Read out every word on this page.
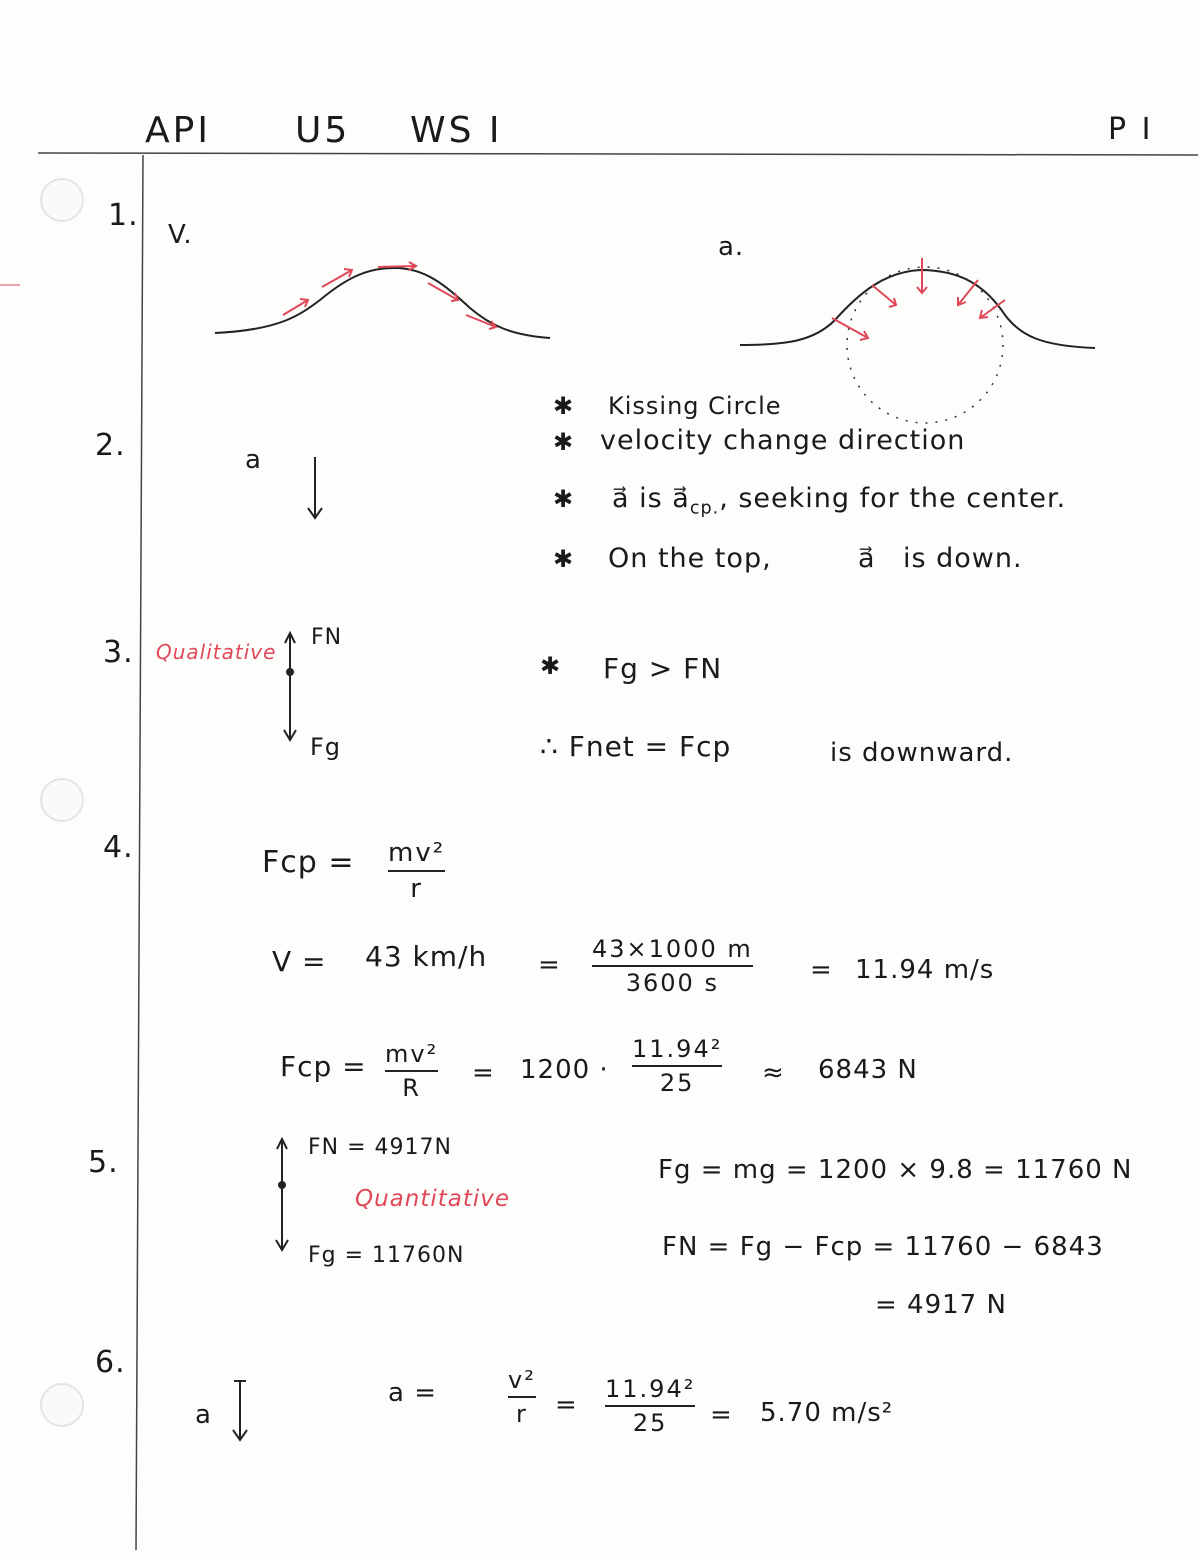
API U5 WS I	P I
1.
V.	a.
✱ Kissing Circle
✱ velocity change direction
✱ a⃗ is $a⃗_{cp.}$, seeking for the center.
✱ On the top,	a⃗ is down.
2.	a
3. Qualitative
FN
Fg
✱ Fg > FN
∴ Fnet = Fcp	is downward.
4.	Fcp = mv²
r
V = 43 km/h =
43×1000 m
3600 s	= 11.94 m/s
Fcp = mv²
R = 1200 ·
11.94²
25	≈ 6843 N
5.	FN = 4917N
Quantitative
Fg = 11760N
Fg = mg = 1200 × 9.8 = 11760 N
FN = Fg − Fcp = 11760 − 6843
= 4917 N
6.
a
a =	v²
r =
11.94²
25 = 5.70 m/s²
